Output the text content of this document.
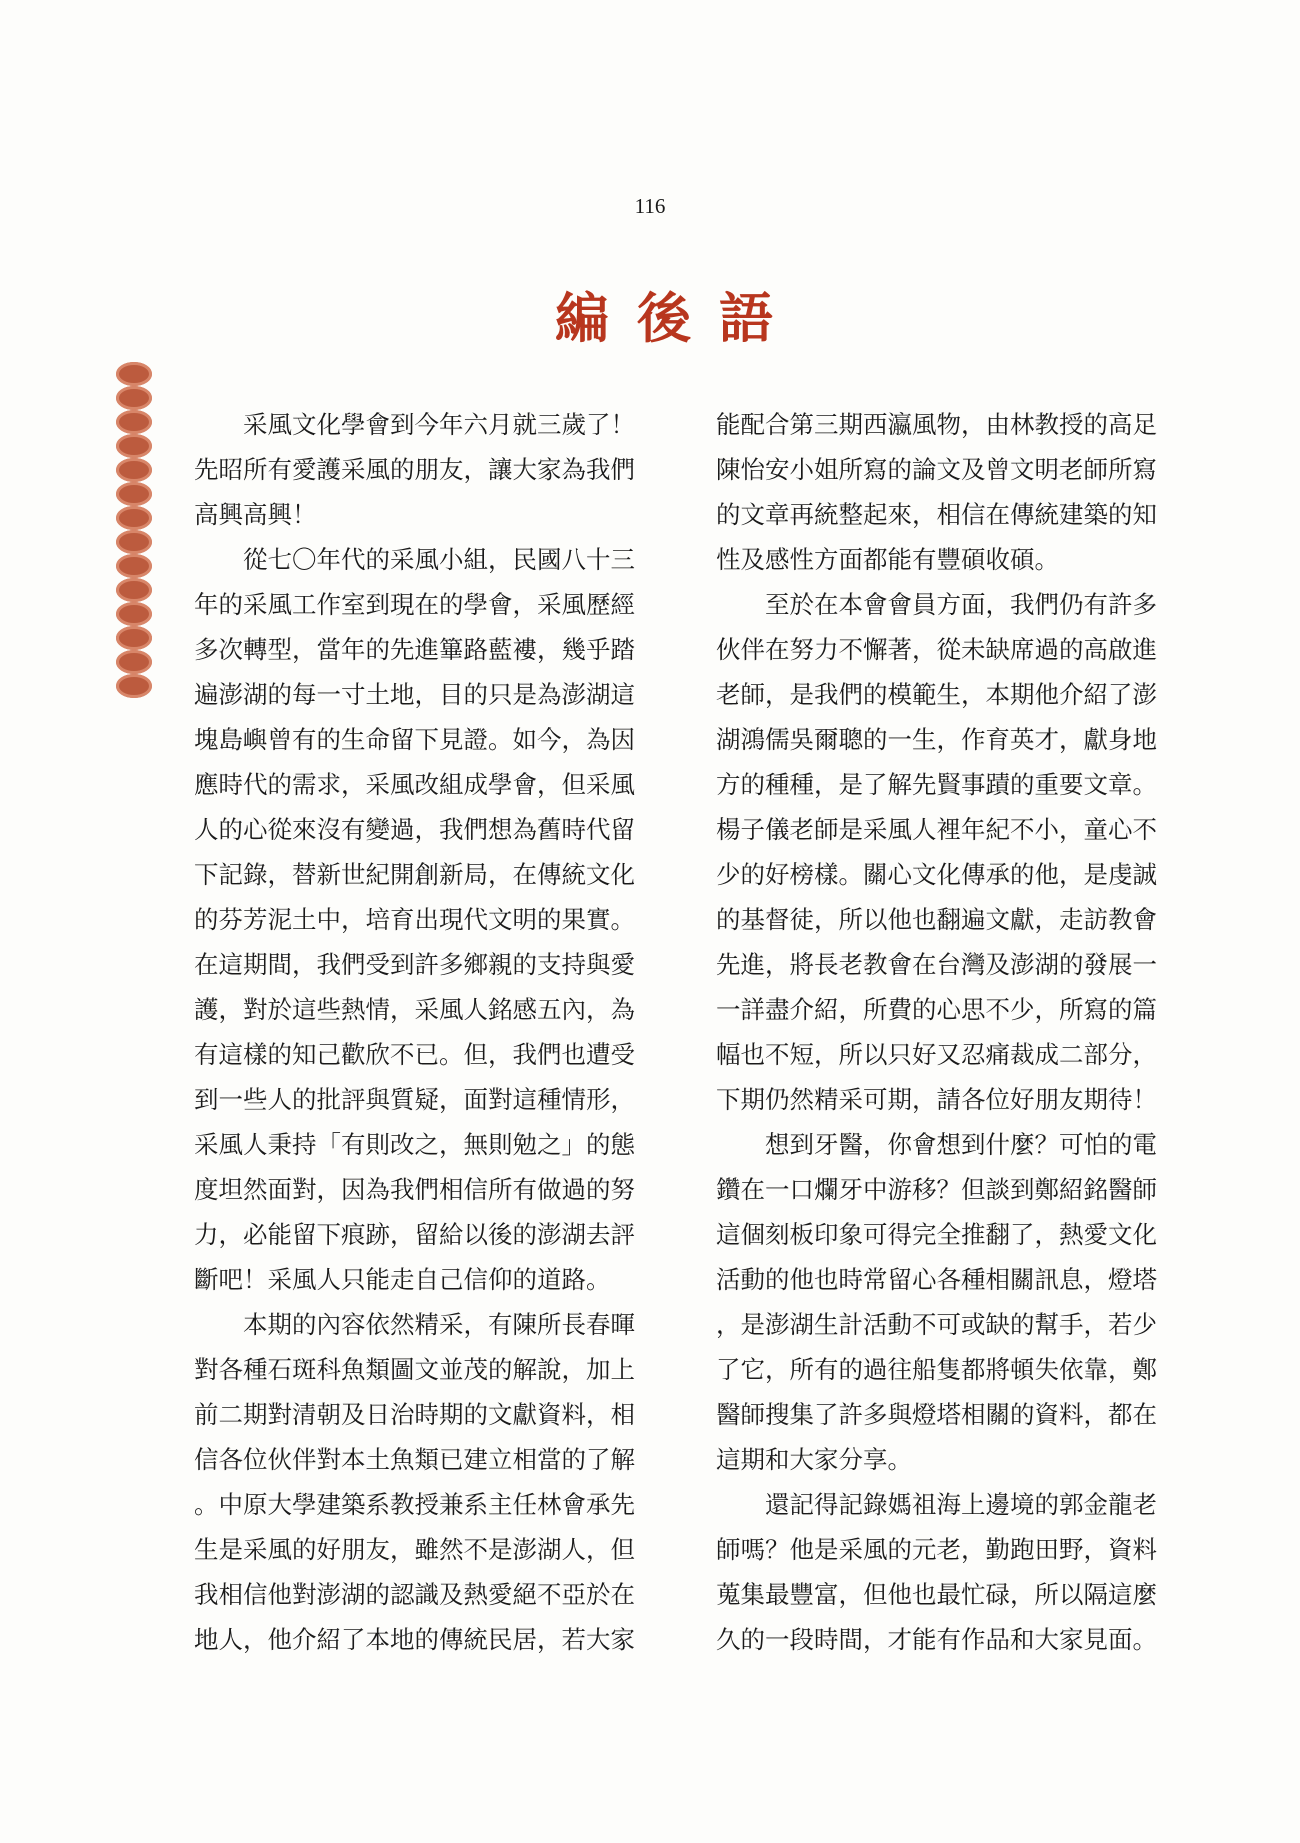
116
編後語

　　采風文化學會到今年六月就三歲了！
先昭所有愛護采風的朋友，讓大家為我們
高興高興！

　　從七〇年代的采風小組，民國八十三
年的采風工作室到現在的學會，采風歷經
多次轉型，當年的先進篳路藍褸，幾乎踏
遍澎湖的每一寸土地，目的只是為澎湖這
塊島嶼曾有的生命留下見證。如今，為因
應時代的需求，采風改組成學會，但采風
人的心從來沒有變過，我們想為舊時代留
下記錄，替新世紀開創新局，在傳統文化
的芬芳泥土中，培育出現代文明的果實。
在這期間，我們受到許多鄉親的支持與愛
護，對於這些熱情，采風人銘感五內，為
有這樣的知己歡欣不已。但，我們也遭受
到一些人的批評與質疑，面對這種情形，
采風人秉持「有則改之，無則勉之」的態
度坦然面對，因為我們相信所有做過的努
力，必能留下痕跡，留給以後的澎湖去評
斷吧！采風人只能走自己信仰的道路。

　　本期的內容依然精采，有陳所長春暉
對各種石斑科魚類圖文並茂的解說，加上
前二期對清朝及日治時期的文獻資料，相
信各位伙伴對本土魚類已建立相當的了解
。中原大學建築系教授兼系主任林會承先
生是采風的好朋友，雖然不是澎湖人，但
我相信他對澎湖的認識及熱愛絕不亞於在
地人，他介紹了本地的傳統民居，若大家

能配合第三期西瀛風物，由林教授的高足
陳怡安小姐所寫的論文及曾文明老師所寫
的文章再統整起來，相信在傳統建築的知
性及感性方面都能有豐碩收碩。

　　至於在本會會員方面，我們仍有許多
伙伴在努力不懈著，從未缺席過的高啟進
老師，是我們的模範生，本期他介紹了澎
湖鴻儒吳爾聰的一生，作育英才，獻身地
方的種種，是了解先賢事蹟的重要文章。
楊子儀老師是采風人裡年紀不小，童心不
少的好榜樣。關心文化傳承的他，是虔誠
的基督徒，所以他也翻遍文獻，走訪教會
先進，將長老教會在台灣及澎湖的發展一
一詳盡介紹，所費的心思不少，所寫的篇
幅也不短，所以只好又忍痛裁成二部分，
下期仍然精采可期，請各位好朋友期待！

　　想到牙醫，你會想到什麼？可怕的電
鑽在一口爛牙中游移？但談到鄭紹銘醫師
這個刻板印象可得完全推翻了，熱愛文化
活動的他也時常留心各種相關訊息，燈塔
，是澎湖生計活動不可或缺的幫手，若少
了它，所有的過往船隻都將頓失依靠，鄭
醫師搜集了許多與燈塔相關的資料，都在
這期和大家分享。

　　還記得記錄媽祖海上邊境的郭金龍老
師嗎？他是采風的元老，勤跑田野，資料
蒐集最豐富，但他也最忙碌，所以隔這麼
久的一段時間，才能有作品和大家見面。
